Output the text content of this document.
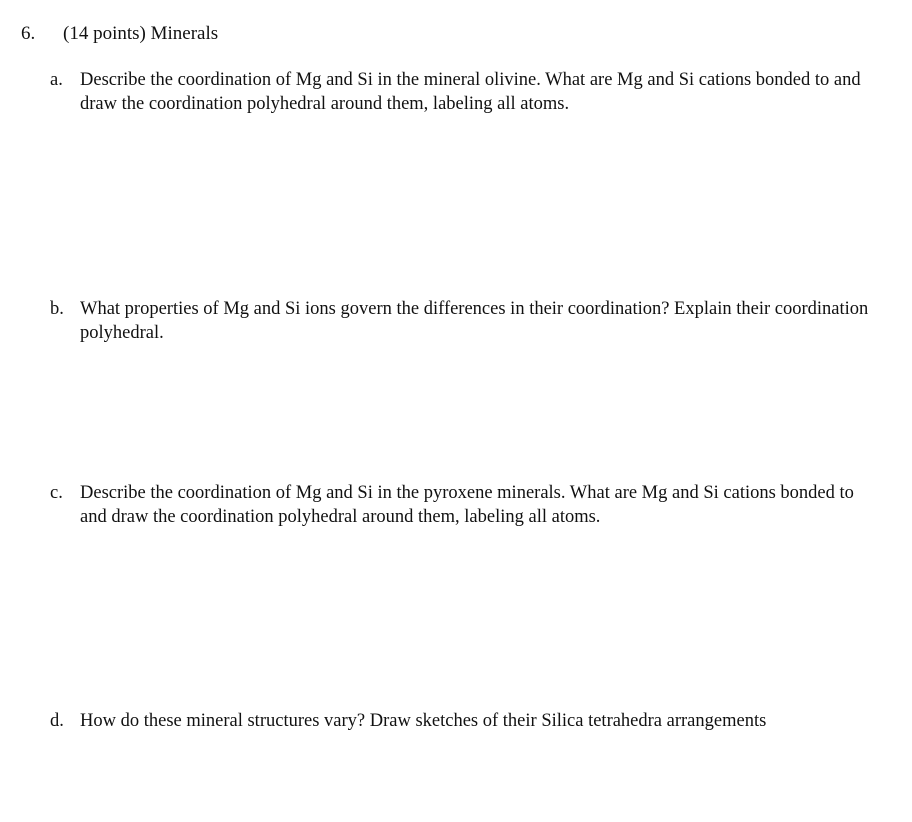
6. (14 points) Minerals
a. Describe the coordination of Mg and Si in the mineral olivine. What are Mg and Si cations bonded to and draw the coordination polyhedral around them, labeling all atoms.
b. What properties of Mg and Si ions govern the differences in their coordination? Explain their coordination polyhedral.
c. Describe the coordination of Mg and Si in the pyroxene minerals. What are Mg and Si cations bonded to and draw the coordination polyhedral around them, labeling all atoms.
d. How do these mineral structures vary? Draw sketches of their Silica tetrahedra arrangements
